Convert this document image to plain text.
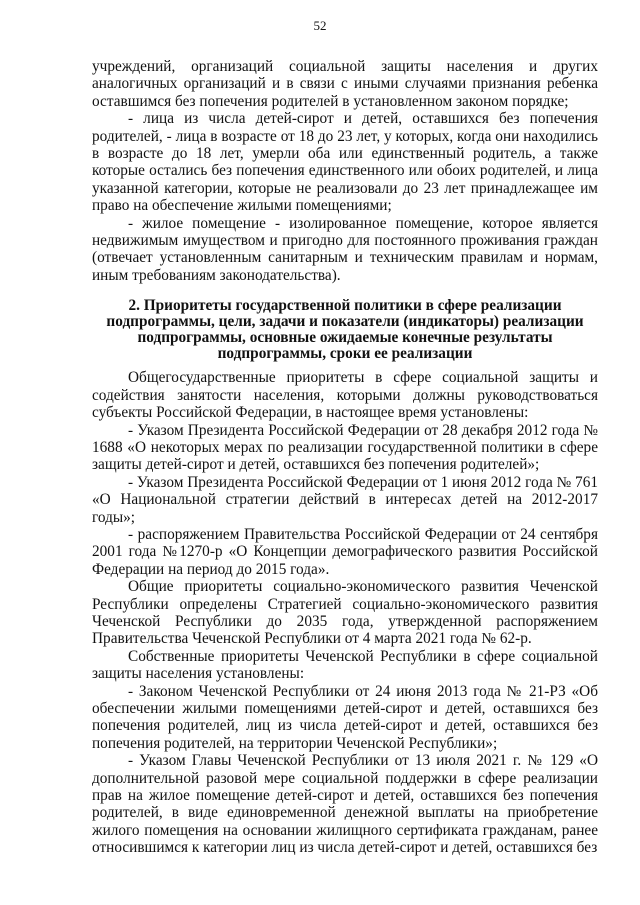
52

учреждений, организаций социальной защиты населения и других аналогичных организаций и в связи с иными случаями признания ребенка оставшимся без попечения родителей в установленном законом порядке;

- лица из числа детей-сирот и детей, оставшихся без попечения родителей, - лица в возрасте от 18 до 23 лет, у которых, когда они находились в возрасте до 18 лет, умерли оба или единственный родитель, а также которые остались без попечения единственного или обоих родителей, и лица указанной категории, которые не реализовали до 23 лет принадлежащее им право на обеспечение жилыми помещениями;

- жилое помещение - изолированное помещение, которое является недвижимым имуществом и пригодно для постоянного проживания граждан (отвечает установленным санитарным и техническим правилам и нормам, иным требованиям законодательства).

2. Приоритеты государственной политики в сфере реализации подпрограммы, цели, задачи и показатели (индикаторы) реализации подпрограммы, основные ожидаемые конечные результаты подпрограммы, сроки ее реализации

Общегосударственные приоритеты в сфере социальной защиты и содействия занятости населения, которыми должны руководствоваться субъекты Российской Федерации, в настоящее время установлены:

- Указом Президента Российской Федерации от 28 декабря 2012 года № 1688 «О некоторых мерах по реализации государственной политики в сфере защиты детей-сирот и детей, оставшихся без попечения родителей»;

- Указом Президента Российской Федерации от 1 июня 2012 года № 761 «О Национальной стратегии действий в интересах детей на 2012-2017 годы»;

- распоряжением Правительства Российской Федерации от 24 сентября 2001 года №1270-р «О Концепции демографического развития Российской Федерации на период до 2015 года».

Общие приоритеты социально-экономического развития Чеченской Республики определены Стратегией социально-экономического развития Чеченской Республики до 2035 года, утвержденной распоряжением Правительства Чеченской Республики от 4 марта 2021 года № 62-р.

Собственные приоритеты Чеченской Республики в сфере социальной защиты населения установлены:

- Законом Чеченской Республики от 24 июня 2013 года № 21-РЗ «Об обеспечении жилыми помещениями детей-сирот и детей, оставшихся без попечения родителей, лиц из числа детей-сирот и детей, оставшихся без попечения родителей, на территории Чеченской Республики»;

- Указом Главы Чеченской Республики от 13 июля 2021 г. № 129 «О дополнительной разовой мере социальной поддержки в сфере реализации прав на жилое помещение детей-сирот и детей, оставшихся без попечения родителей, в виде единовременной денежной выплаты на приобретение жилого помещения на основании жилищного сертификата гражданам, ранее относившимся к категории лиц из числа детей-сирот и детей, оставшихся без
